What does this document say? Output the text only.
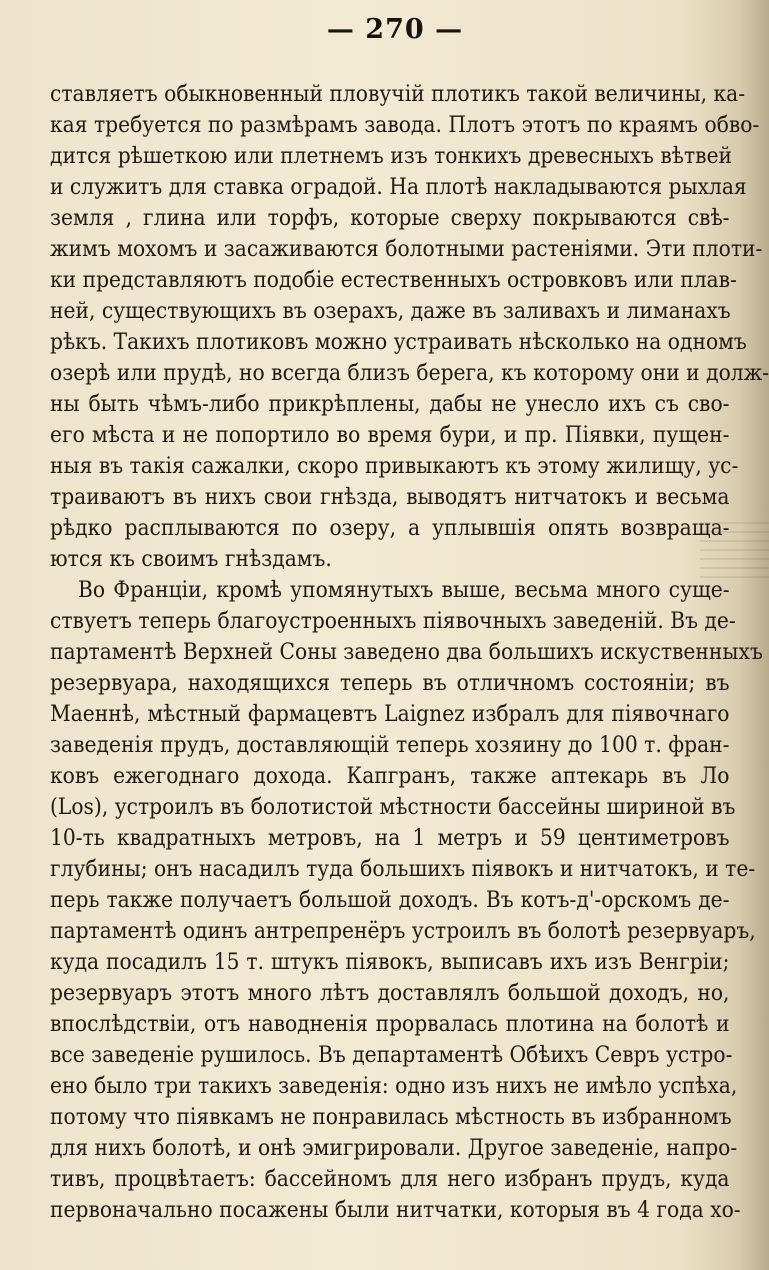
— 270 —
ставляетъ обыкновенный пловучій плотикъ такой величины, ка-
кая требуется по размѣрамъ завода. Плотъ этотъ по краямъ обво-
дится рѣшеткою или плетнемъ изъ тонкихъ древесныхъ вѣтвей
и служитъ для ставка оградой. На плотѣ накладываются рыхлая
земля , глина или торфъ, которые сверху покрываются свѣ-
жимъ мохомъ и засаживаются болотными растеніями. Эти плоти-
ки представляютъ подобіе естественныхъ островковъ или плав-
ней, существующихъ въ озерахъ, даже въ заливахъ и лиманахъ
рѣкъ. Такихъ плотиковъ можно устраивать нѣсколько на одномъ
озерѣ или прудѣ, но всегда близъ берега, къ которому они и долж-
ны быть чѣмъ-либо прикрѣплены, дабы не унесло ихъ съ сво-
его мѣста и не попортило во время бури, и пр. Піявки, пущен-
ныя въ такія сажалки, скоро привыкаютъ къ этому жилищу, ус-
траиваютъ въ нихъ свои гнѣзда, выводятъ нитчатокъ и весьма
рѣдко расплываются по озеру, а уплывшія опять возвраща-
ются къ своимъ гнѣздамъ.
Во Франціи, кромѣ упомянутыхъ выше, весьма много суще-
ствуетъ теперь благоустроенныхъ піявочныхъ заведеній. Въ де-
партаментѣ Верхней Соны заведено два большихъ искуственныхъ
резервуара, находящихся теперь въ отличномъ состояніи; въ
Маеннѣ, мѣстный фармацевтъ Laignez избралъ для піявочнаго
заведенія прудъ, доставляющій теперь хозяину до 100 т. фран-
ковъ ежегоднаго дохода. Капгранъ, также аптекарь въ Ло
(Los), устроилъ въ болотистой мѣстности бассейны шириной въ
10-ть квадратныхъ метровъ, на 1 метръ и 59 центиметровъ
глубины; онъ насадилъ туда большихъ піявокъ и нитчатокъ, и те-
перь также получаетъ большой доходъ. Въ котъ-д'-орскомъ де-
партаментѣ одинъ антрепренёръ устроилъ въ болотѣ резервуаръ,
куда посадилъ 15 т. штукъ піявокъ, выписавъ ихъ изъ Венгріи;
резервуаръ этотъ много лѣтъ доставлялъ большой доходъ, но,
впослѣдствіи, отъ наводненія прорвалась плотина на болотѣ и
все заведеніе рушилось. Въ департаментѣ Обѣихъ Севръ устро-
ено было три такихъ заведенія: одно изъ нихъ не имѣло успѣха,
потому что піявкамъ не понравилась мѣстность въ избранномъ
для нихъ болотѣ, и онѣ эмигрировали. Другое заведеніе, напро-
тивъ, процвѣтаетъ: бассейномъ для него избранъ прудъ, куда
первоначально посажены были нитчатки, которыя въ 4 года хо-
